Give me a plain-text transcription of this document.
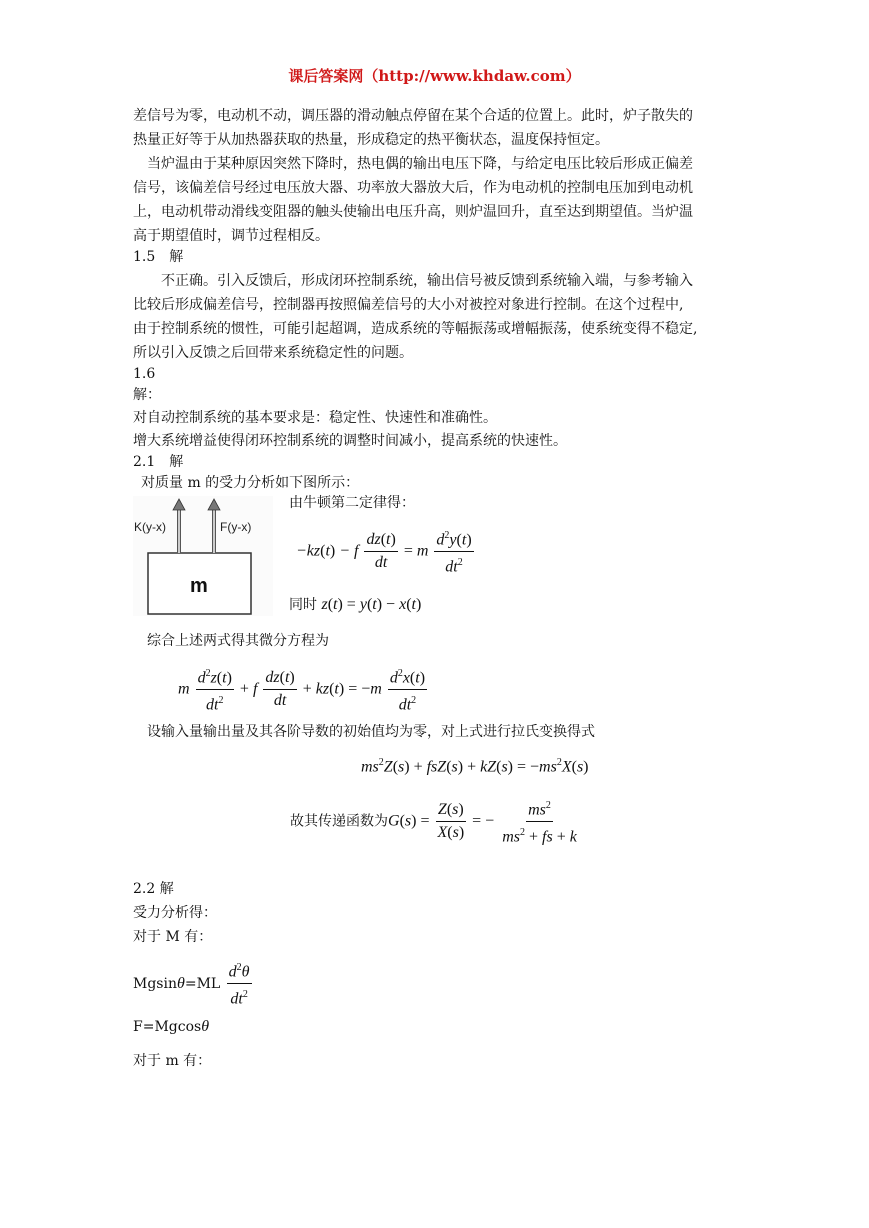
课后答案网（http://www.khdaw.com）
差信号为零，电动机不动，调压器的滑动触点停留在某个合适的位置上。此时，炉子散失的
热量正好等于从加热器获取的热量，形成稳定的热平衡状态，温度保持恒定。
当炉温由于某种原因突然下降时，热电偶的输出电压下降，与给定电压比较后形成正偏差
信号，该偏差信号经过电压放大器、功率放大器放大后，作为电动机的控制电压加到电动机
上，电动机带动滑线变阻器的触头使输出电压升高，则炉温回升，直至达到期望值。当炉温
高于期望值时，调节过程相反。
1.5　解
不正确。引入反馈后，形成闭环控制系统，输出信号被反馈到系统输入端，与参考输入
比较后形成偏差信号，控制器再按照偏差信号的大小对被控对象进行控制。在这个过程中,
由于控制系统的惯性，可能引起超调，造成系统的等幅振荡或增幅振荡，使系统变得不稳定,
所以引入反馈之后回带来系统稳定性的问题。
1.6
解：
对自动控制系统的基本要求是：稳定性、快速性和准确性。
增大系统增益使得闭环控制系统的调整时间减小，提高系统的快速性。
2.1　解
对质量 m 的受力分析如下图所示：
K(y-x)	F(y-x)
m
由牛顿第二定律得：
−kz(t) − f $\frac{dz(t)}{dt} = m \frac{d^2y(t)}{dt^2}$
同时 z(t) = y(t) − x(t)
综合上述两式得其微分方程为
m $\frac{d^2z(t)}{dt^2} + f \frac{dz(t)}{dt} + kz(t) = -m \frac{d^2x(t)}{dt^2}$
设输入量输出量及其各阶导数的初始值均为零，对上式进行拉氏变换得式
$ms^2Z(s) + fsZ(s) + kZ(s) = -ms^2X(s)$
故其传递函数为$G(s) = \frac{Z(s)}{X(s)}$ = − $\frac{ms^2}{ms^2 + fs + k}$
2.2 解
受力分析得：
对于 M 有：
$Mgsin\theta=ML \frac{d^2\theta}{dt^2}$
F=Mgcosθ
对于 m 有：
